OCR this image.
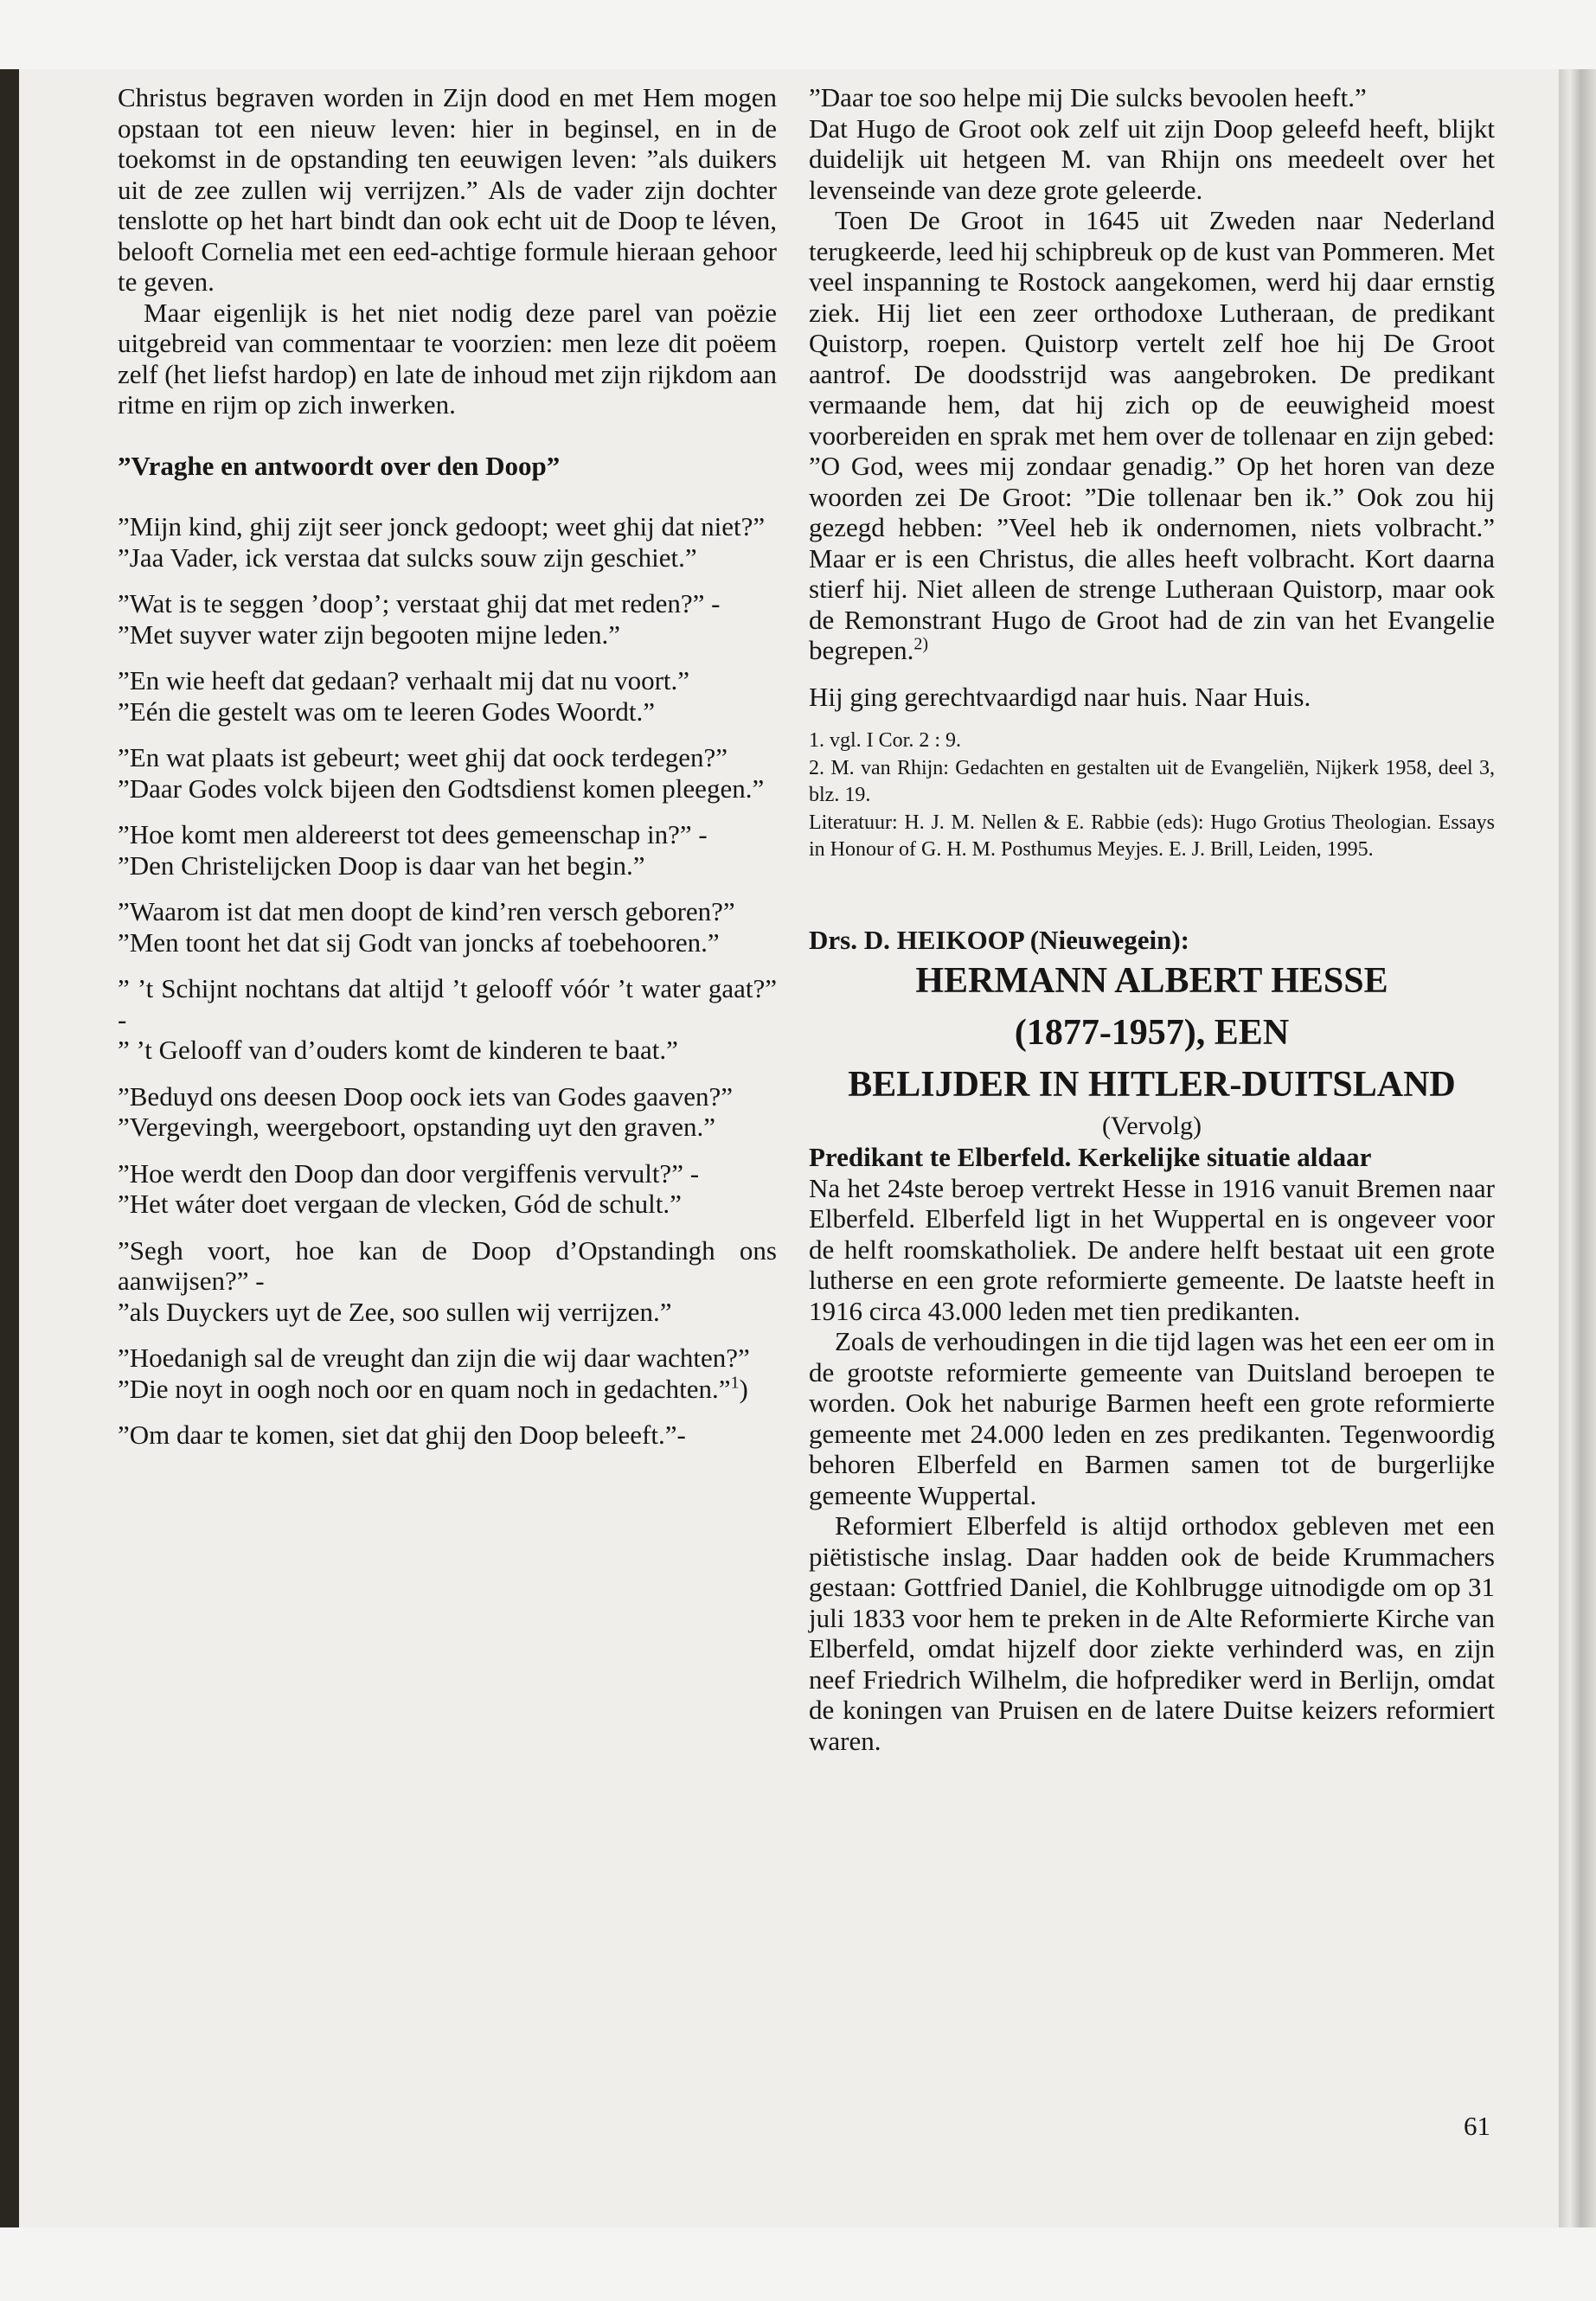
Christus begraven worden in Zijn dood en met Hem mogen opstaan tot een nieuw leven: hier in beginsel, en in de toekomst in de opstanding ten eeuwigen leven: ”als duikers uit de zee zullen wij verrijzen.” Als de vader zijn dochter tenslotte op het hart bindt dan ook echt uit de Doop te léven, belooft Cornelia met een eed-achtige formule hieraan gehoor te geven.

Maar eigenlijk is het niet nodig deze parel van poëzie uitgebreid van commentaar te voorzien: men leze dit poëem zelf (het liefst hardop) en late de inhoud met zijn rijkdom aan ritme en rijm op zich inwerken.

”Vraghe en antwoordt over den Doop”

”Mijn kind, ghij zijt seer jonck gedoopt; weet ghij dat niet?”

”Jaa Vader, ick verstaa dat sulcks souw zijn geschiet.”

”Wat is te seggen ’doop’; verstaat ghij dat met reden?” -

”Met suyver water zijn begooten mijne leden.”

”En wie heeft dat gedaan? verhaalt mij dat nu voort.”

”Eén die gestelt was om te leeren Godes Woordt.”

”En wat plaats ist gebeurt; weet ghij dat oock terdegen?”

”Daar Godes volck bijeen den Godtsdienst komen pleegen.”

”Hoe komt men aldereerst tot dees gemeenschap in?” -

”Den Christelijcken Doop is daar van het begin.”

”Waarom ist dat men doopt de kind’ren versch geboren?”

”Men toont het dat sij Godt van joncks af toebehooren.”

” ’t Schijnt nochtans dat altijd ’t gelooff vóór ’t water gaat?” -

” ’t Gelooff van d’ouders komt de kinderen te baat.”

”Beduyd ons deesen Doop oock iets van Godes gaaven?”

”Vergevingh, weergeboort, opstanding uyt den graven.”

”Hoe werdt den Doop dan door vergiffenis vervult?” -

”Het wáter doet vergaan de vlecken, Gód de schult.”

”Segh voort, hoe kan de Doop d’Opstandingh ons aanwijsen?” -

”als Duyckers uyt de Zee, soo sullen wij verrijzen.”

”Hoedanigh sal de vreught dan zijn die wij daar wachten?”

”Die noyt in oogh noch oor en quam noch in gedachten.”$^1$)

”Om daar te komen, siet dat ghij den Doop beleeft.”-

”Daar toe soo helpe mij Die sulcks bevoolen heeft.”

Dat Hugo de Groot ook zelf uit zijn Doop geleefd heeft, blijkt duidelijk uit hetgeen M. van Rhijn ons meedeelt over het levenseinde van deze grote geleerde.

Toen De Groot in 1645 uit Zweden naar Nederland terugkeerde, leed hij schipbreuk op de kust van Pommeren. Met veel inspanning te Rostock aangekomen, werd hij daar ernstig ziek. Hij liet een zeer orthodoxe Lutheraan, de predikant Quistorp, roepen. Quistorp vertelt zelf hoe hij De Groot aantrof. De doodsstrijd was aangebroken. De predikant vermaande hem, dat hij zich op de eeuwigheid moest voorbereiden en sprak met hem over de tollenaar en zijn gebed: ”O God, wees mij zondaar genadig.” Op het horen van deze woorden zei De Groot: ”Die tollenaar ben ik.” Ook zou hij gezegd hebben: ”Veel heb ik ondernomen, niets volbracht.” Maar er is een Christus, die alles heeft volbracht. Kort daarna stierf hij. Niet alleen de strenge Lutheraan Quistorp, maar ook de Remonstrant Hugo de Groot had de zin van het Evangelie begrepen.$^{2)}$

Hij ging gerechtvaardigd naar huis. Naar Huis.

1. vgl. I Cor. 2 : 9.

2. M. van Rhijn: Gedachten en gestalten uit de Evangeliën, Nijkerk 1958, deel 3, blz. 19.

Literatuur: H. J. M. Nellen & E. Rabbie (eds): Hugo Grotius Theologian. Essays in Honour of G. H. M. Posthumus Meyjes. E. J. Brill, Leiden, 1995.

Drs. D. HEIKOOP (Nieuwegein):

HERMANN ALBERT HESSE
(1877-1957), EEN
BELIJDER IN HITLER-DUITSLAND
(Vervolg)

Predikant te Elberfeld. Kerkelijke situatie aldaar

Na het 24ste beroep vertrekt Hesse in 1916 vanuit Bremen naar Elberfeld. Elberfeld ligt in het Wuppertal en is ongeveer voor de helft roomskatholiek. De andere helft bestaat uit een grote lutherse en een grote reformierte gemeente. De laatste heeft in 1916 circa 43.000 leden met tien predikanten.

Zoals de verhoudingen in die tijd lagen was het een eer om in de grootste reformierte gemeente van Duitsland beroepen te worden. Ook het naburige Barmen heeft een grote reformierte gemeente met 24.000 leden en zes predikanten. Tegenwoordig behoren Elberfeld en Barmen samen tot de burgerlijke gemeente Wuppertal.

Reformiert Elberfeld is altijd orthodox gebleven met een piëtistische inslag. Daar hadden ook de beide Krummachers gestaan: Gottfried Daniel, die Kohlbrugge uitnodigde om op 31 juli 1833 voor hem te preken in de Alte Reformierte Kirche van Elberfeld, omdat hijzelf door ziekte verhinderd was, en zijn neef Friedrich Wilhelm, die hofprediker werd in Berlijn, omdat de koningen van Pruisen en de latere Duitse keizers reformiert waren.

61
